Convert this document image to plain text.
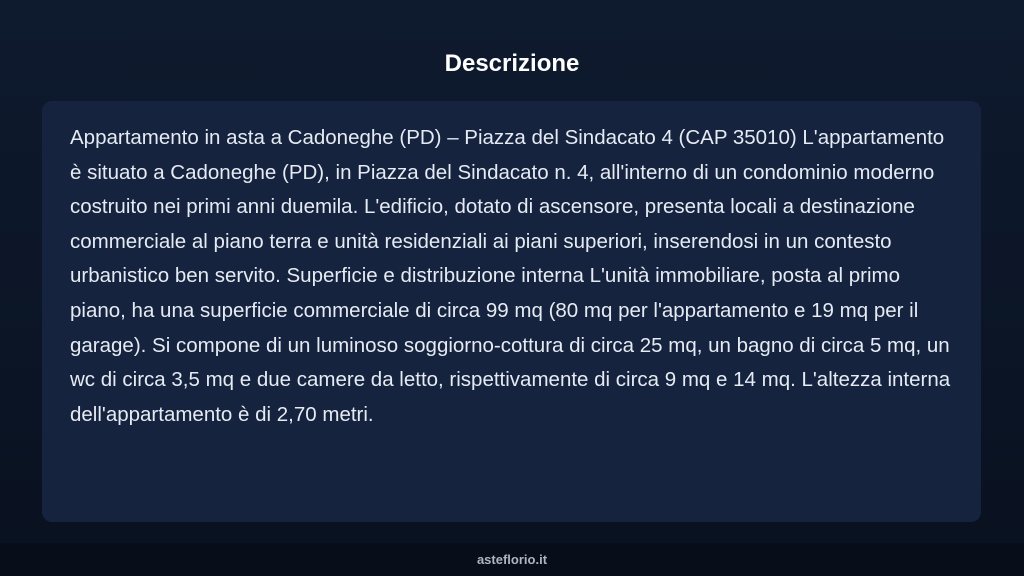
Descrizione

Appartamento in asta a Cadoneghe (PD) – Piazza del Sindacato 4 (CAP 35010) L'appartamento è situato a Cadoneghe (PD), in Piazza del Sindacato n. 4, all'interno di un condominio moderno costruito nei primi anni duemila. L'edificio, dotato di ascensore, presenta locali a destinazione commerciale al piano terra e unità residenziali ai piani superiori, inserendosi in un contesto urbanistico ben servito. Superficie e distribuzione interna L'unità immobiliare, posta al primo piano, ha una superficie commerciale di circa 99 mq (80 mq per l'appartamento e 19 mq per il garage). Si compone di un luminoso soggiorno-cottura di circa 25 mq, un bagno di circa 5 mq, un wc di circa 3,5 mq e due camere da letto, rispettivamente di circa 9 mq e 14 mq. L'altezza interna dell'appartamento è di 2,70 metri.

asteflorio.it
